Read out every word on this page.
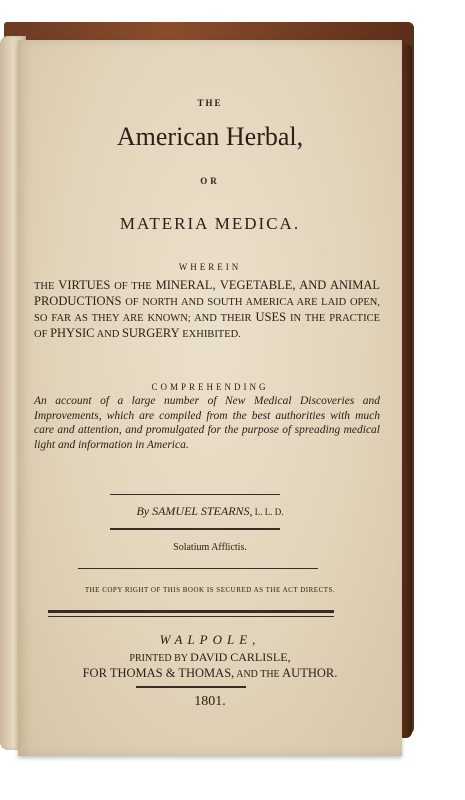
THE

American Herbal,

OR

MATERIA MEDICA.

WHEREIN

THE VIRTUES OF THE MINERAL, VEGETABLE, AND ANIMAL PRODUCTIONS OF NORTH AND SOUTH AMERICA ARE LAID OPEN, SO FAR AS THEY ARE KNOWN; AND THEIR USES IN THE PRACTICE OF PHYSIC AND SURGERY EXHIBITED.

COMPREHENDING

An account of a large number of New Medical Discoveries and Improvements, which are compiled from the best authorities with much care and attention, and promulgated for the purpose of spreading medical light and information in America.

By SAMUEL STEARNS, L. L. D.

Solatium Afflictis.

THE COPY RIGHT OF THIS BOOK IS SECURED AS THE ACT DIRECTS.

WALPOLE,

PRINTED BY DAVID CARLISLE,

FOR THOMAS & THOMAS, AND THE AUTHOR.

1801.
